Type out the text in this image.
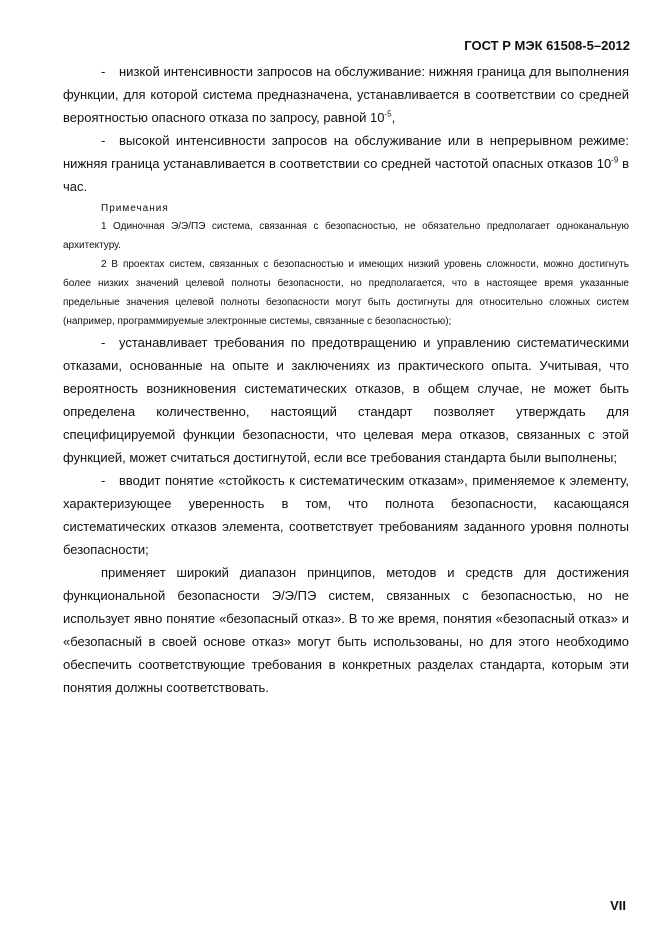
ГОСТ Р МЭК 61508-5–2012

- низкой интенсивности запросов на обслуживание: нижняя граница для выполнения функции, для которой система предназначена, устанавливается в соответствии со средней вероятностью опасного отказа по запросу, равной $10^{-5}$,

- высокой интенсивности запросов на обслуживание или в непрерывном режиме: нижняя граница устанавливается в соответствии со средней частотой опасных отказов $10^{-9}$ в час.

Примечания

1 Одиночная Э/Э/ПЭ система, связанная с безопасностью, не обязательно предполагает одноканальную архитектуру.

2 В проектах систем, связанных с безопасностью и имеющих низкий уровень сложности, можно достигнуть более низких значений целевой полноты безопасности, но предполагается, что в настоящее время указанные предельные значения целевой полноты безопасности могут быть достигнуты для относительно сложных систем (например, программируемые электронные системы, связанные с безопасностью);

- устанавливает требования по предотвращению и управлению систематическими отказами, основанные на опыте и заключениях из практического опыта. Учитывая, что вероятность возникновения систематических отказов, в общем случае, не может быть определена количественно, настоящий стандарт позволяет утверждать для специфицируемой функции безопасности, что целевая мера отказов, связанных с этой функцией, может считаться достигнутой, если все требования стандарта были выполнены;

- вводит понятие «стойкость к систематическим отказам», применяемое к элементу, характеризующее уверенность в том, что полнота безопасности, касающаяся систематических отказов элемента, соответствует требованиям заданного уровня полноты безопасности;

применяет широкий диапазон принципов, методов и средств для достижения функциональной безопасности Э/Э/ПЭ систем, связанных с безопасностью, но не использует явно понятие «безопасный отказ». В то же время, понятия «безопасный отказ» и «безопасный в своей основе отказ» могут быть использованы, но для этого необходимо обеспечить соответствующие требования в конкретных разделах стандарта, которым эти понятия должны соответствовать.

VII
